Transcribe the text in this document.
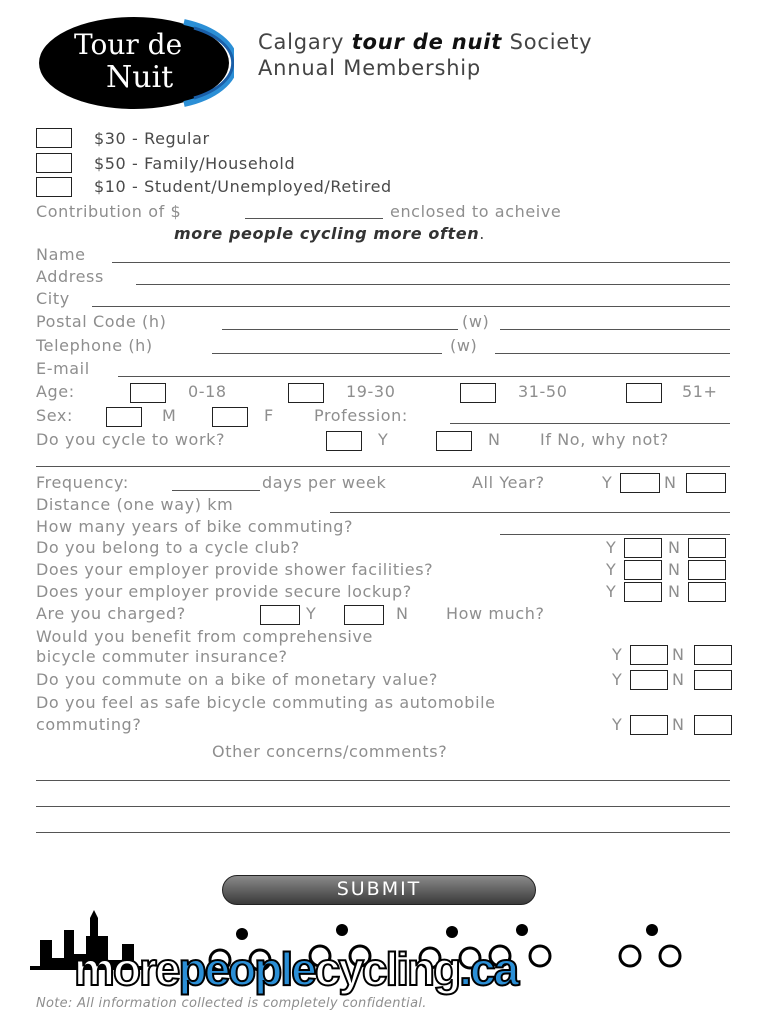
Tour de
Nuit
Calgary tour de nuit Society
Annual Membership
$30 - Regular
$50 - Family/Household
$10 - Student/Unemployed/Retired
Contribution of $	enclosed to acheive
more people cycling more often.
Name
Address
City
Postal Code (h)	(w)
Telephone (h)	(w)
E-mail
Age:	0-18	19-30	31-50	51+
Sex:	M	F	Profession:
Do you cycle to work?	Y	N If No, why not?
Frequency:	days per week	All Year?	Y	N
Distance (one way) km
How many years of bike commuting?
Do you belong to a cycle club?	Y	N
Does your employer provide shower facilities?	Y	N
Does your employer provide secure lockup?	Y	N
Are you charged?	Y	N How much?
Would you benefit from comprehensive
bicycle commuter insurance?	Y	N
Do you commute on a bike of monetary value?	Y	N
Do you feel as safe bicycle commuting as automobile
commuting?	Y	N
Other concerns/comments?
SUBMIT
morepeoplecycling.ca
Note: All information collected is completely confidential.
